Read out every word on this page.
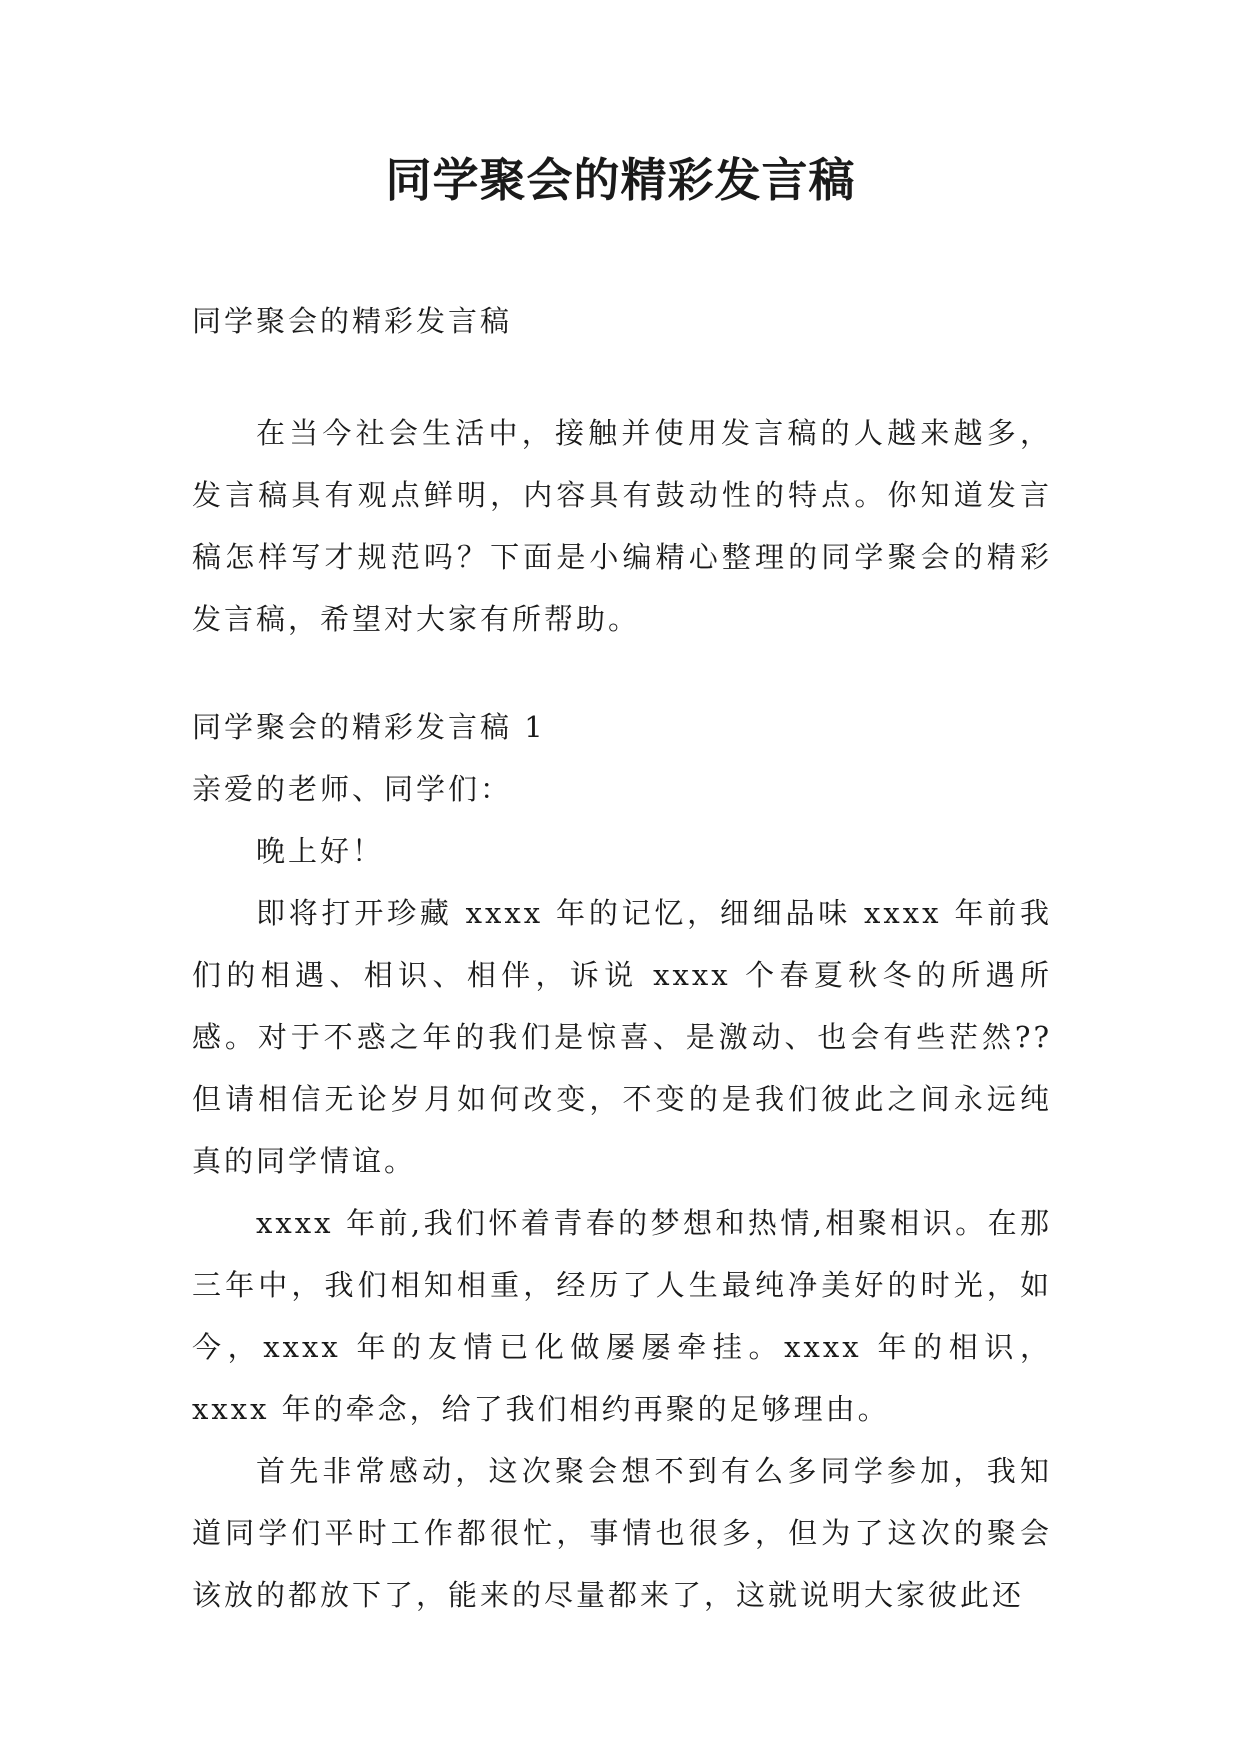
同学聚会的精彩发言稿

同学聚会的精彩发言稿

在当今社会生活中，接触并使用发言稿的人越来越多，发言稿具有观点鲜明，内容具有鼓动性的特点。你知道发言稿怎样写才规范吗？下面是小编精心整理的同学聚会的精彩发言稿，希望对大家有所帮助。

同学聚会的精彩发言稿 1

亲爱的老师、同学们：

晚上好！

即将打开珍藏 xxxx 年的记忆，细细品味 xxxx 年前我们的相遇、相识、相伴，诉说 xxxx 个春夏秋冬的所遇所感。对于不惑之年的我们是惊喜、是激动、也会有些茫然??但请相信无论岁月如何改变，不变的是我们彼此之间永远纯真的同学情谊。

xxxx 年前,我们怀着青春的梦想和热情,相聚相识。在那三年中，我们相知相重，经历了人生最纯净美好的时光，如今，xxxx 年的友情已化做屡屡牵挂。xxxx 年的相识，xxxx 年的牵念，给了我们相约再聚的足够理由。

首先非常感动，这次聚会想不到有么多同学参加，我知道同学们平时工作都很忙，事情也很多，但为了这次的聚会该放的都放下了，能来的尽量都来了，这就说明大家彼此还
